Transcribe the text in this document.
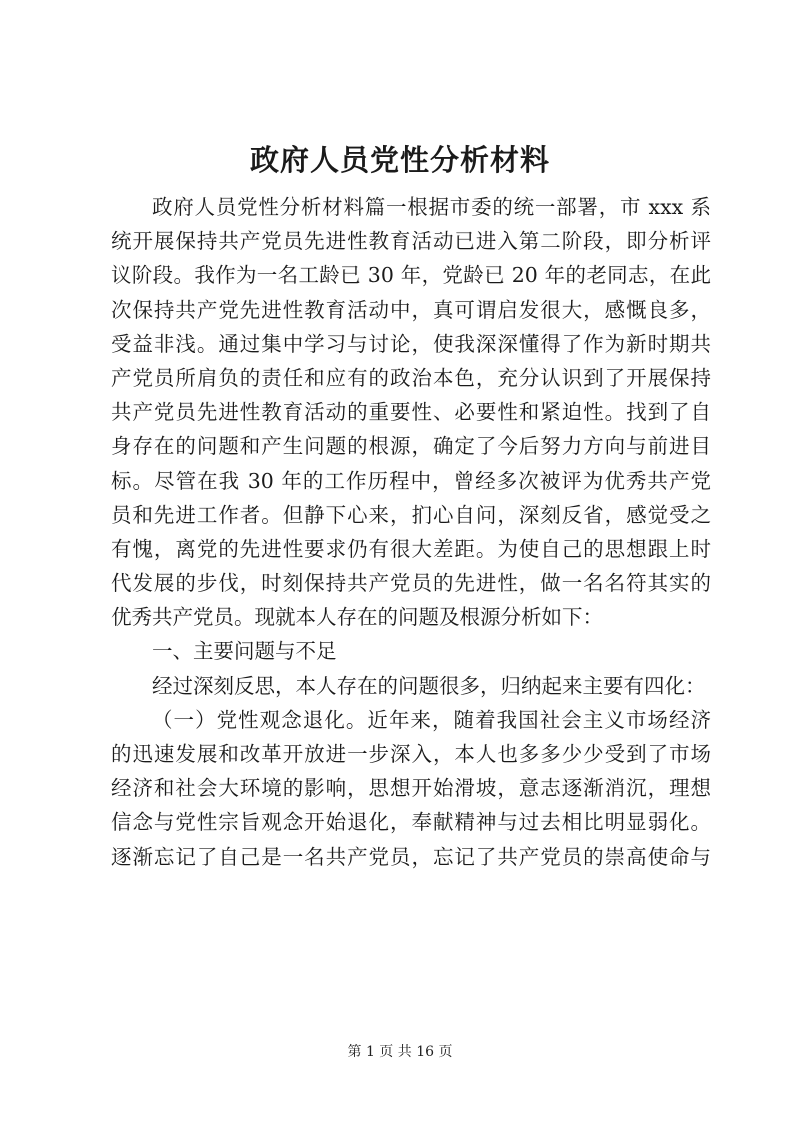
政府人员党性分析材料
政府人员党性分析材料篇一根据市委的统一部署，市 xxx 系
统开展保持共产党员先进性教育活动已进入第二阶段，即分析评
议阶段。我作为一名工龄已 30 年，党龄已 20 年的老同志，在此
次保持共产党先进性教育活动中，真可谓启发很大，感慨良多，
受益非浅。通过集中学习与讨论，使我深深懂得了作为新时期共
产党员所肩负的责任和应有的政治本色，充分认识到了开展保持
共产党员先进性教育活动的重要性、必要性和紧迫性。找到了自
身存在的问题和产生问题的根源，确定了今后努力方向与前进目
标。尽管在我 30 年的工作历程中，曾经多次被评为优秀共产党
员和先进工作者。但静下心来，扪心自问，深刻反省，感觉受之
有愧，离党的先进性要求仍有很大差距。为使自己的思想跟上时
代发展的步伐，时刻保持共产党员的先进性，做一名名符其实的
优秀共产党员。现就本人存在的问题及根源分析如下：
一、主要问题与不足
经过深刻反思，本人存在的问题很多，归纳起来主要有四化：
（一）党性观念退化。近年来，随着我国社会主义市场经济
的迅速发展和改革开放进一步深入，本人也多多少少受到了市场
经济和社会大环境的影响，思想开始滑坡，意志逐渐消沉，理想
信念与党性宗旨观念开始退化，奉献精神与过去相比明显弱化。
逐渐忘记了自己是一名共产党员，忘记了共产党员的崇高使命与
第 1 页 共 16 页
